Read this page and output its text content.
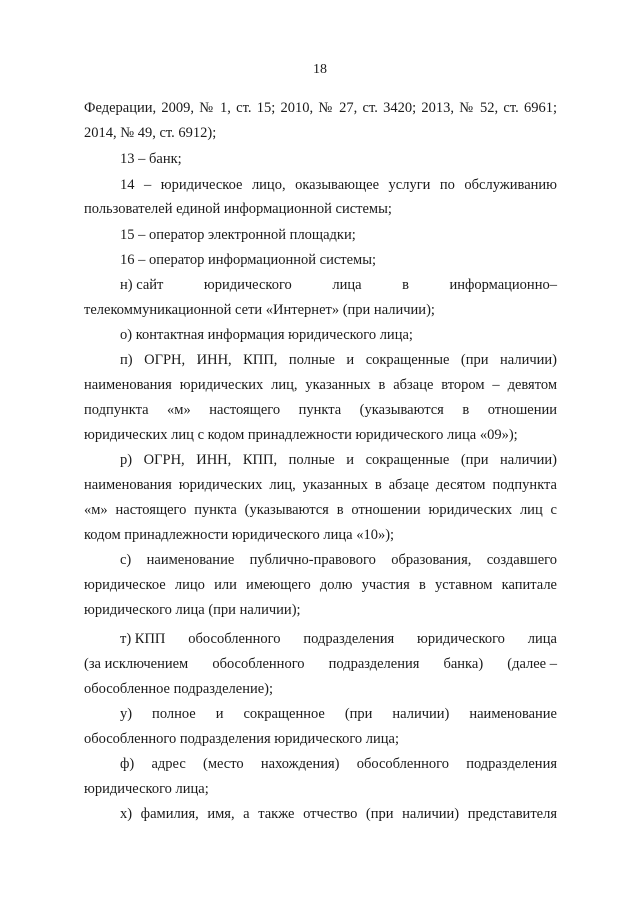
18
Федерации, 2009, № 1, ст. 15; 2010, № 27, ст. 3420; 2013, № 52, ст. 6961;
2014, № 49, ст. 6912);
13 – банк;
14 – юридическое лицо, оказывающее услуги по обслуживанию
пользователей единой информационной системы;
15 – оператор электронной площадки;
16 – оператор информационной системы;
н) сайт	юридического	лица	в	информационно–
телекоммуникационной сети «Интернет» (при наличии);
о) контактная информация юридического лица;
п) ОГРН, ИНН, КПП, полные и сокращенные (при наличии)
наименования юридических лиц, указанных в абзаце втором – девятом
подпункта «м» настоящего пункта (указываются в отношении
юридических лиц с кодом принадлежности юридического лица «09»);
р) ОГРН, ИНН, КПП, полные и сокращенные (при наличии)
наименования юридических лиц, указанных в абзаце десятом подпункта
«м» настоящего пункта (указываются в отношении юридических лиц с
кодом принадлежности юридического лица «10»);
с) наименование публично-правового образования, создавшего
юридическое лицо или имеющего долю участия в уставном капитале
юридического лица (при наличии);
т) КПП обособленного подразделения юридического лица
(за исключением обособленного подразделения банка) (далее –
обособленное подразделение);
у) полное и сокращенное (при наличии) наименование
обособленного подразделения юридического лица;
ф) адрес (место нахождения) обособленного подразделения
юридического лица;
х) фамилия, имя, а также отчество (при наличии) представителя
